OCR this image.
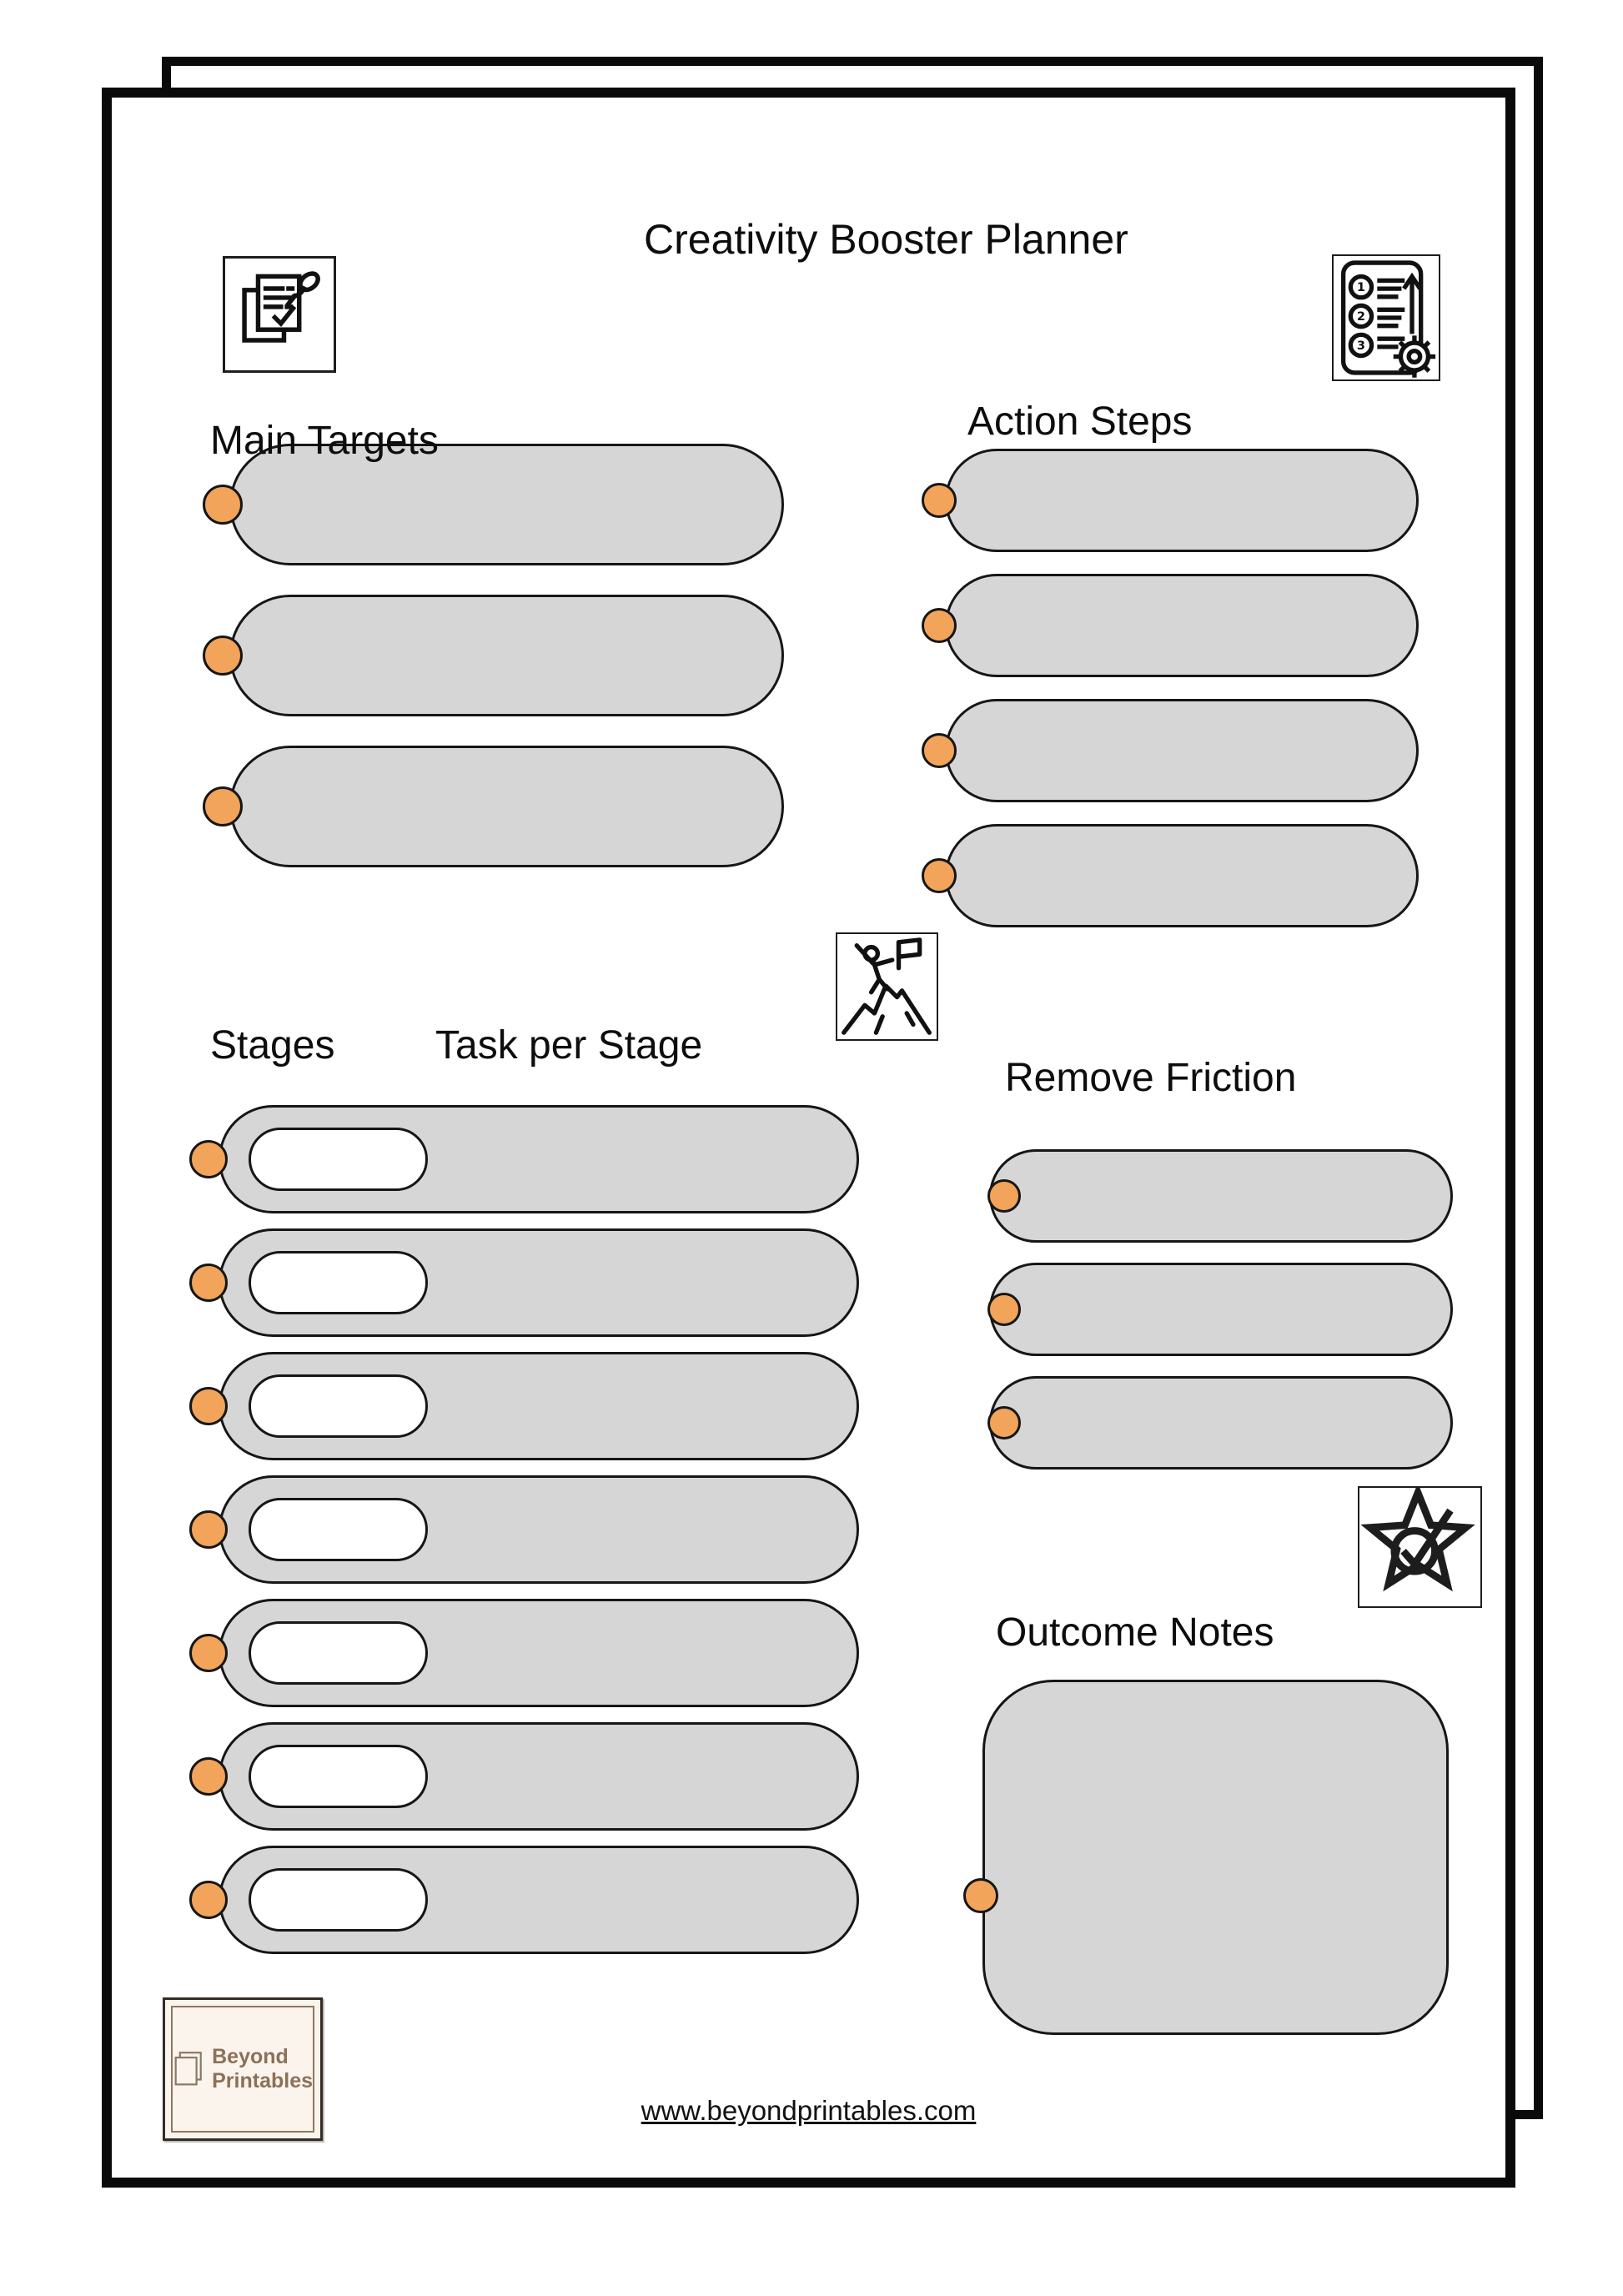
Creativity Booster Planner
1
2
3
Main Targets	Action Steps
Stages	Task per Stage
Remove Friction
Outcome Notes
Beyond
Printables
www.beyondprintables.com
